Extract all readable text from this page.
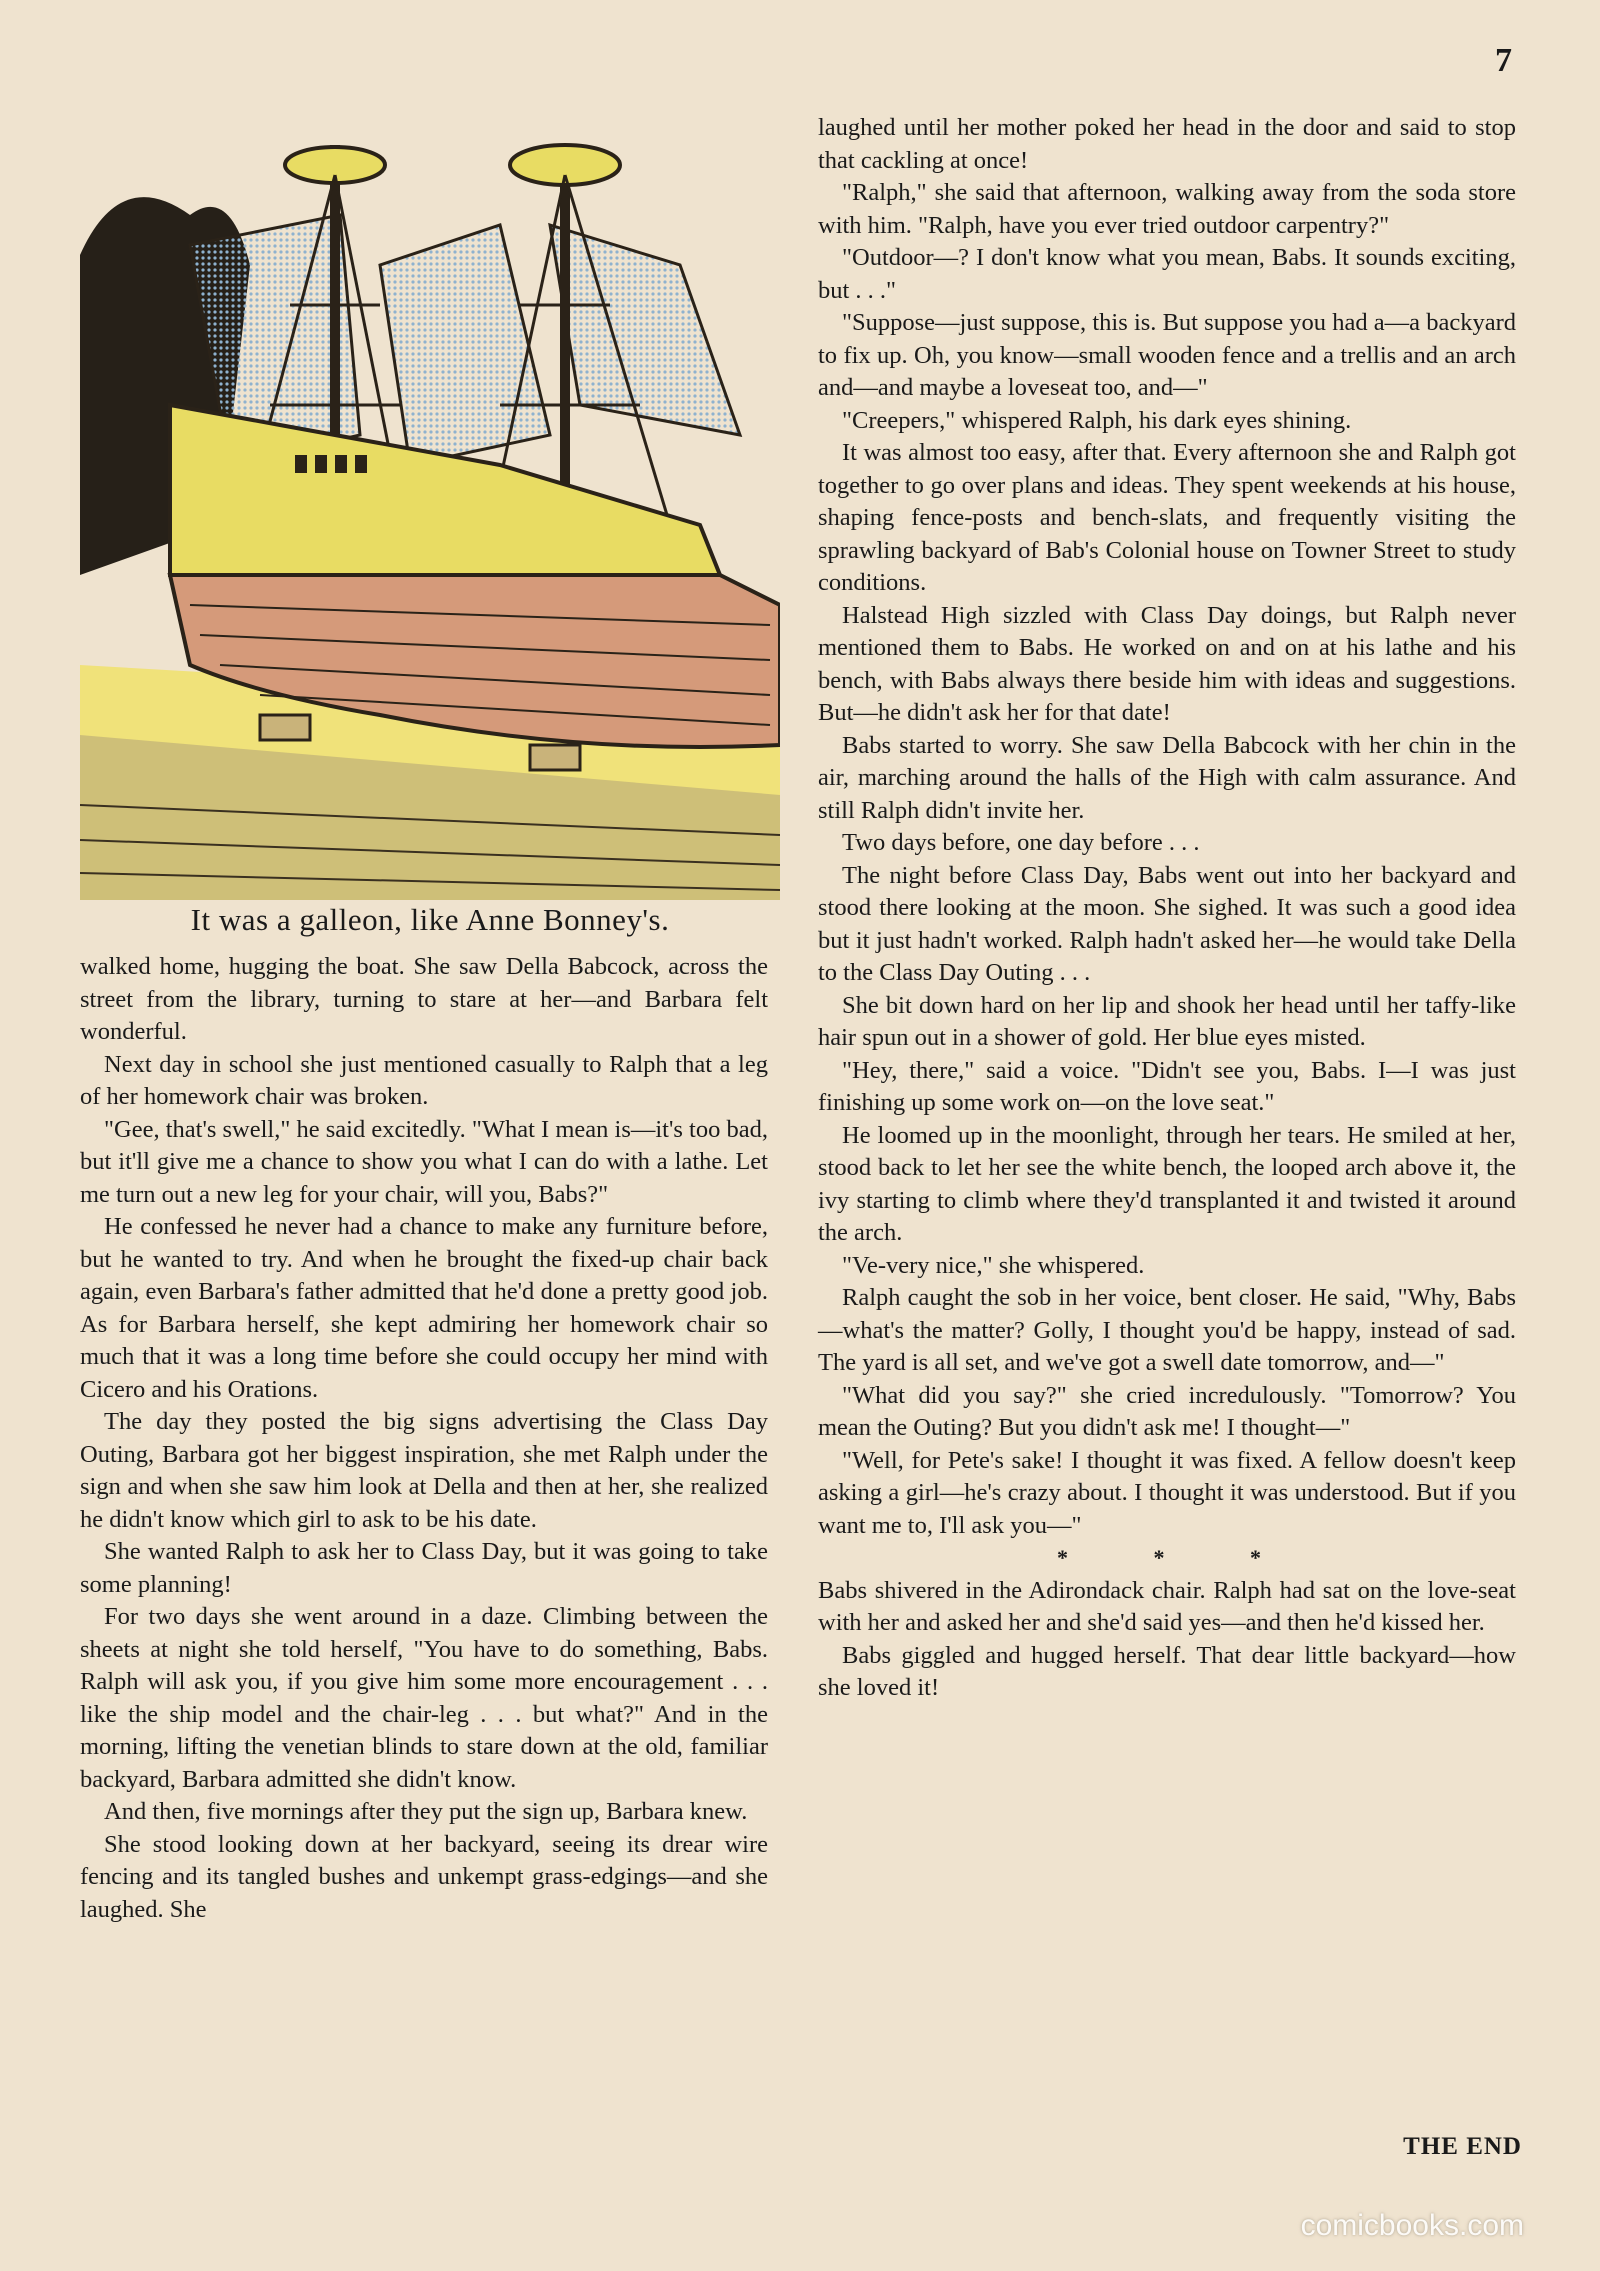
7
It was a galleon, like Anne Bonney's.

walked home, hugging the boat. She saw Della Babcock, across the street from the library, turning to stare at her—and Barbara felt wonderful.

Next day in school she just mentioned casually to Ralph that a leg of her homework chair was broken.

"Gee, that's swell," he said excitedly. "What I mean is—it's too bad, but it'll give me a chance to show you what I can do with a lathe. Let me turn out a new leg for your chair, will you, Babs?"

He confessed he never had a chance to make any furniture before, but he wanted to try. And when he brought the fixed-up chair back again, even Barbara's father admitted that he'd done a pretty good job. As for Barbara herself, she kept admiring her homework chair so much that it was a long time before she could occupy her mind with Cicero and his Orations.

The day they posted the big signs advertising the Class Day Outing, Barbara got her biggest inspiration, she met Ralph under the sign and when she saw him look at Della and then at her, she realized he didn't know which girl to ask to be his date.

She wanted Ralph to ask her to Class Day, but it was going to take some planning!

For two days she went around in a daze. Climbing between the sheets at night she told herself, "You have to do something, Babs. Ralph will ask you, if you give him some more encouragement . . . like the ship model and the chair-leg . . . but what?" And in the morning, lifting the venetian blinds to stare down at the old, familiar backyard, Barbara admitted she didn't know.

And then, five mornings after they put the sign up, Barbara knew.

She stood looking down at her backyard, seeing its drear wire fencing and its tangled bushes and unkempt grass-edgings—and she laughed. She

laughed until her mother poked her head in the door and said to stop that cackling at once!

"Ralph," she said that afternoon, walking away from the soda store with him. "Ralph, have you ever tried outdoor carpentry?"

"Outdoor—? I don't know what you mean, Babs. It sounds exciting, but . . ."

"Suppose—just suppose, this is. But suppose you had a—a backyard to fix up. Oh, you know—small wooden fence and a trellis and an arch and—and maybe a loveseat too, and—"

"Creepers," whispered Ralph, his dark eyes shining.

It was almost too easy, after that. Every afternoon she and Ralph got together to go over plans and ideas. They spent weekends at his house, shaping fence-posts and bench-slats, and frequently visiting the sprawling backyard of Bab's Colonial house on Towner Street to study conditions.

Halstead High sizzled with Class Day doings, but Ralph never mentioned them to Babs. He worked on and on at his lathe and his bench, with Babs always there beside him with ideas and suggestions. But—he didn't ask her for that date!

Babs started to worry. She saw Della Babcock with her chin in the air, marching around the halls of the High with calm assurance. And still Ralph didn't invite her.

Two days before, one day before . . .

The night before Class Day, Babs went out into her backyard and stood there looking at the moon. She sighed. It was such a good idea but it just hadn't worked. Ralph hadn't asked her—he would take Della to the Class Day Outing . . .

She bit down hard on her lip and shook her head until her taffy-like hair spun out in a shower of gold. Her blue eyes misted.

"Hey, there," said a voice. "Didn't see you, Babs. I—I was just finishing up some work on—on the love seat."

He loomed up in the moonlight, through her tears. He smiled at her, stood back to let her see the white bench, the looped arch above it, the ivy starting to climb where they'd transplanted it and twisted it around the arch.

"Ve-very nice," she whispered.

Ralph caught the sob in her voice, bent closer. He said, "Why, Babs—what's the matter? Golly, I thought you'd be happy, instead of sad. The yard is all set, and we've got a swell date tomorrow, and—"

"What did you say?" she cried incredulously. "Tomorrow? You mean the Outing? But you didn't ask me! I thought—"

"Well, for Pete's sake! I thought it was fixed. A fellow doesn't keep asking a girl—he's crazy about. I thought it was understood. But if you want me to, I'll ask you—"

* * *

Babs shivered in the Adirondack chair. Ralph had sat on the love-seat with her and asked her and she'd said yes—and then he'd kissed her.

Babs giggled and hugged herself. That dear little backyard—how she loved it!

THE END
comicbooks.com
